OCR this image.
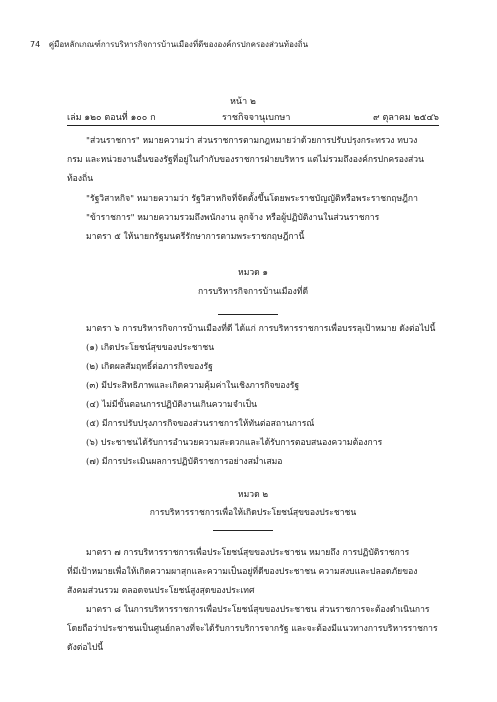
74 คู่มือหลักเกณฑ์การบริหารกิจการบ้านเมืองที่ดีขององค์กรปกครองส่วนท้องถิ่น
หน้า ๒
เล่ม ๑๒๐ ตอนที่ ๑๐๐ ก	ราชกิจจานุเบกษา	๙ ตุลาคม ๒๕๔๖
"ส่วนราชการ" หมายความว่า ส่วนราชการตามกฎหมายว่าด้วยการปรับปรุงกระทรวง ทบวง
กรม และหน่วยงานอื่นของรัฐที่อยู่ในกำกับของราชการฝ่ายบริหาร แต่ไม่รวมถึงองค์กรปกครองส่วน
ท้องถิ่น
"รัฐวิสาหกิจ" หมายความว่า รัฐวิสาหกิจที่จัดตั้งขึ้นโดยพระราชบัญญัติหรือพระราชกฤษฎีกา
"ข้าราชการ" หมายความรวมถึงพนักงาน ลูกจ้าง หรือผู้ปฏิบัติงานในส่วนราชการ
มาตรา ๕ ให้นายกรัฐมนตรีรักษาการตามพระราชกฤษฎีกานี้
หมวด ๑
การบริหารกิจการบ้านเมืองที่ดี
มาตรา ๖ การบริหารกิจการบ้านเมืองที่ดี ได้แก่ การบริหารราชการเพื่อบรรลุเป้าหมาย ดังต่อไปนี้
(๑) เกิดประโยชน์สุขของประชาชน
(๒) เกิดผลสัมฤทธิ์ต่อภารกิจของรัฐ
(๓) มีประสิทธิภาพและเกิดความคุ้มค่าในเชิงภารกิจของรัฐ
(๔) ไม่มีขั้นตอนการปฏิบัติงานเกินความจำเป็น
(๕) มีการปรับปรุงภารกิจของส่วนราชการให้ทันต่อสถานการณ์
(๖) ประชาชนได้รับการอำนวยความสะดวกและได้รับการตอบสนองความต้องการ
(๗) มีการประเมินผลการปฏิบัติราชการอย่างสม่ำเสมอ
หมวด ๒
การบริหารราชการเพื่อให้เกิดประโยชน์สุขของประชาชน
มาตรา ๗ การบริหารราชการเพื่อประโยชน์สุขของประชาชน หมายถึง การปฏิบัติราชการ
ที่มีเป้าหมายเพื่อให้เกิดความผาสุกและความเป็นอยู่ที่ดีของประชาชน ความสงบและปลอดภัยของ
สังคมส่วนรวม ตลอดจนประโยชน์สูงสุดของประเทศ
มาตรา ๘ ในการบริหารราชการเพื่อประโยชน์สุขของประชาชน ส่วนราชการจะต้องดำเนินการ
โดยถือว่าประชาชนเป็นศูนย์กลางที่จะได้รับการบริการจากรัฐ และจะต้องมีแนวทางการบริหารราชการ
ดังต่อไปนี้
